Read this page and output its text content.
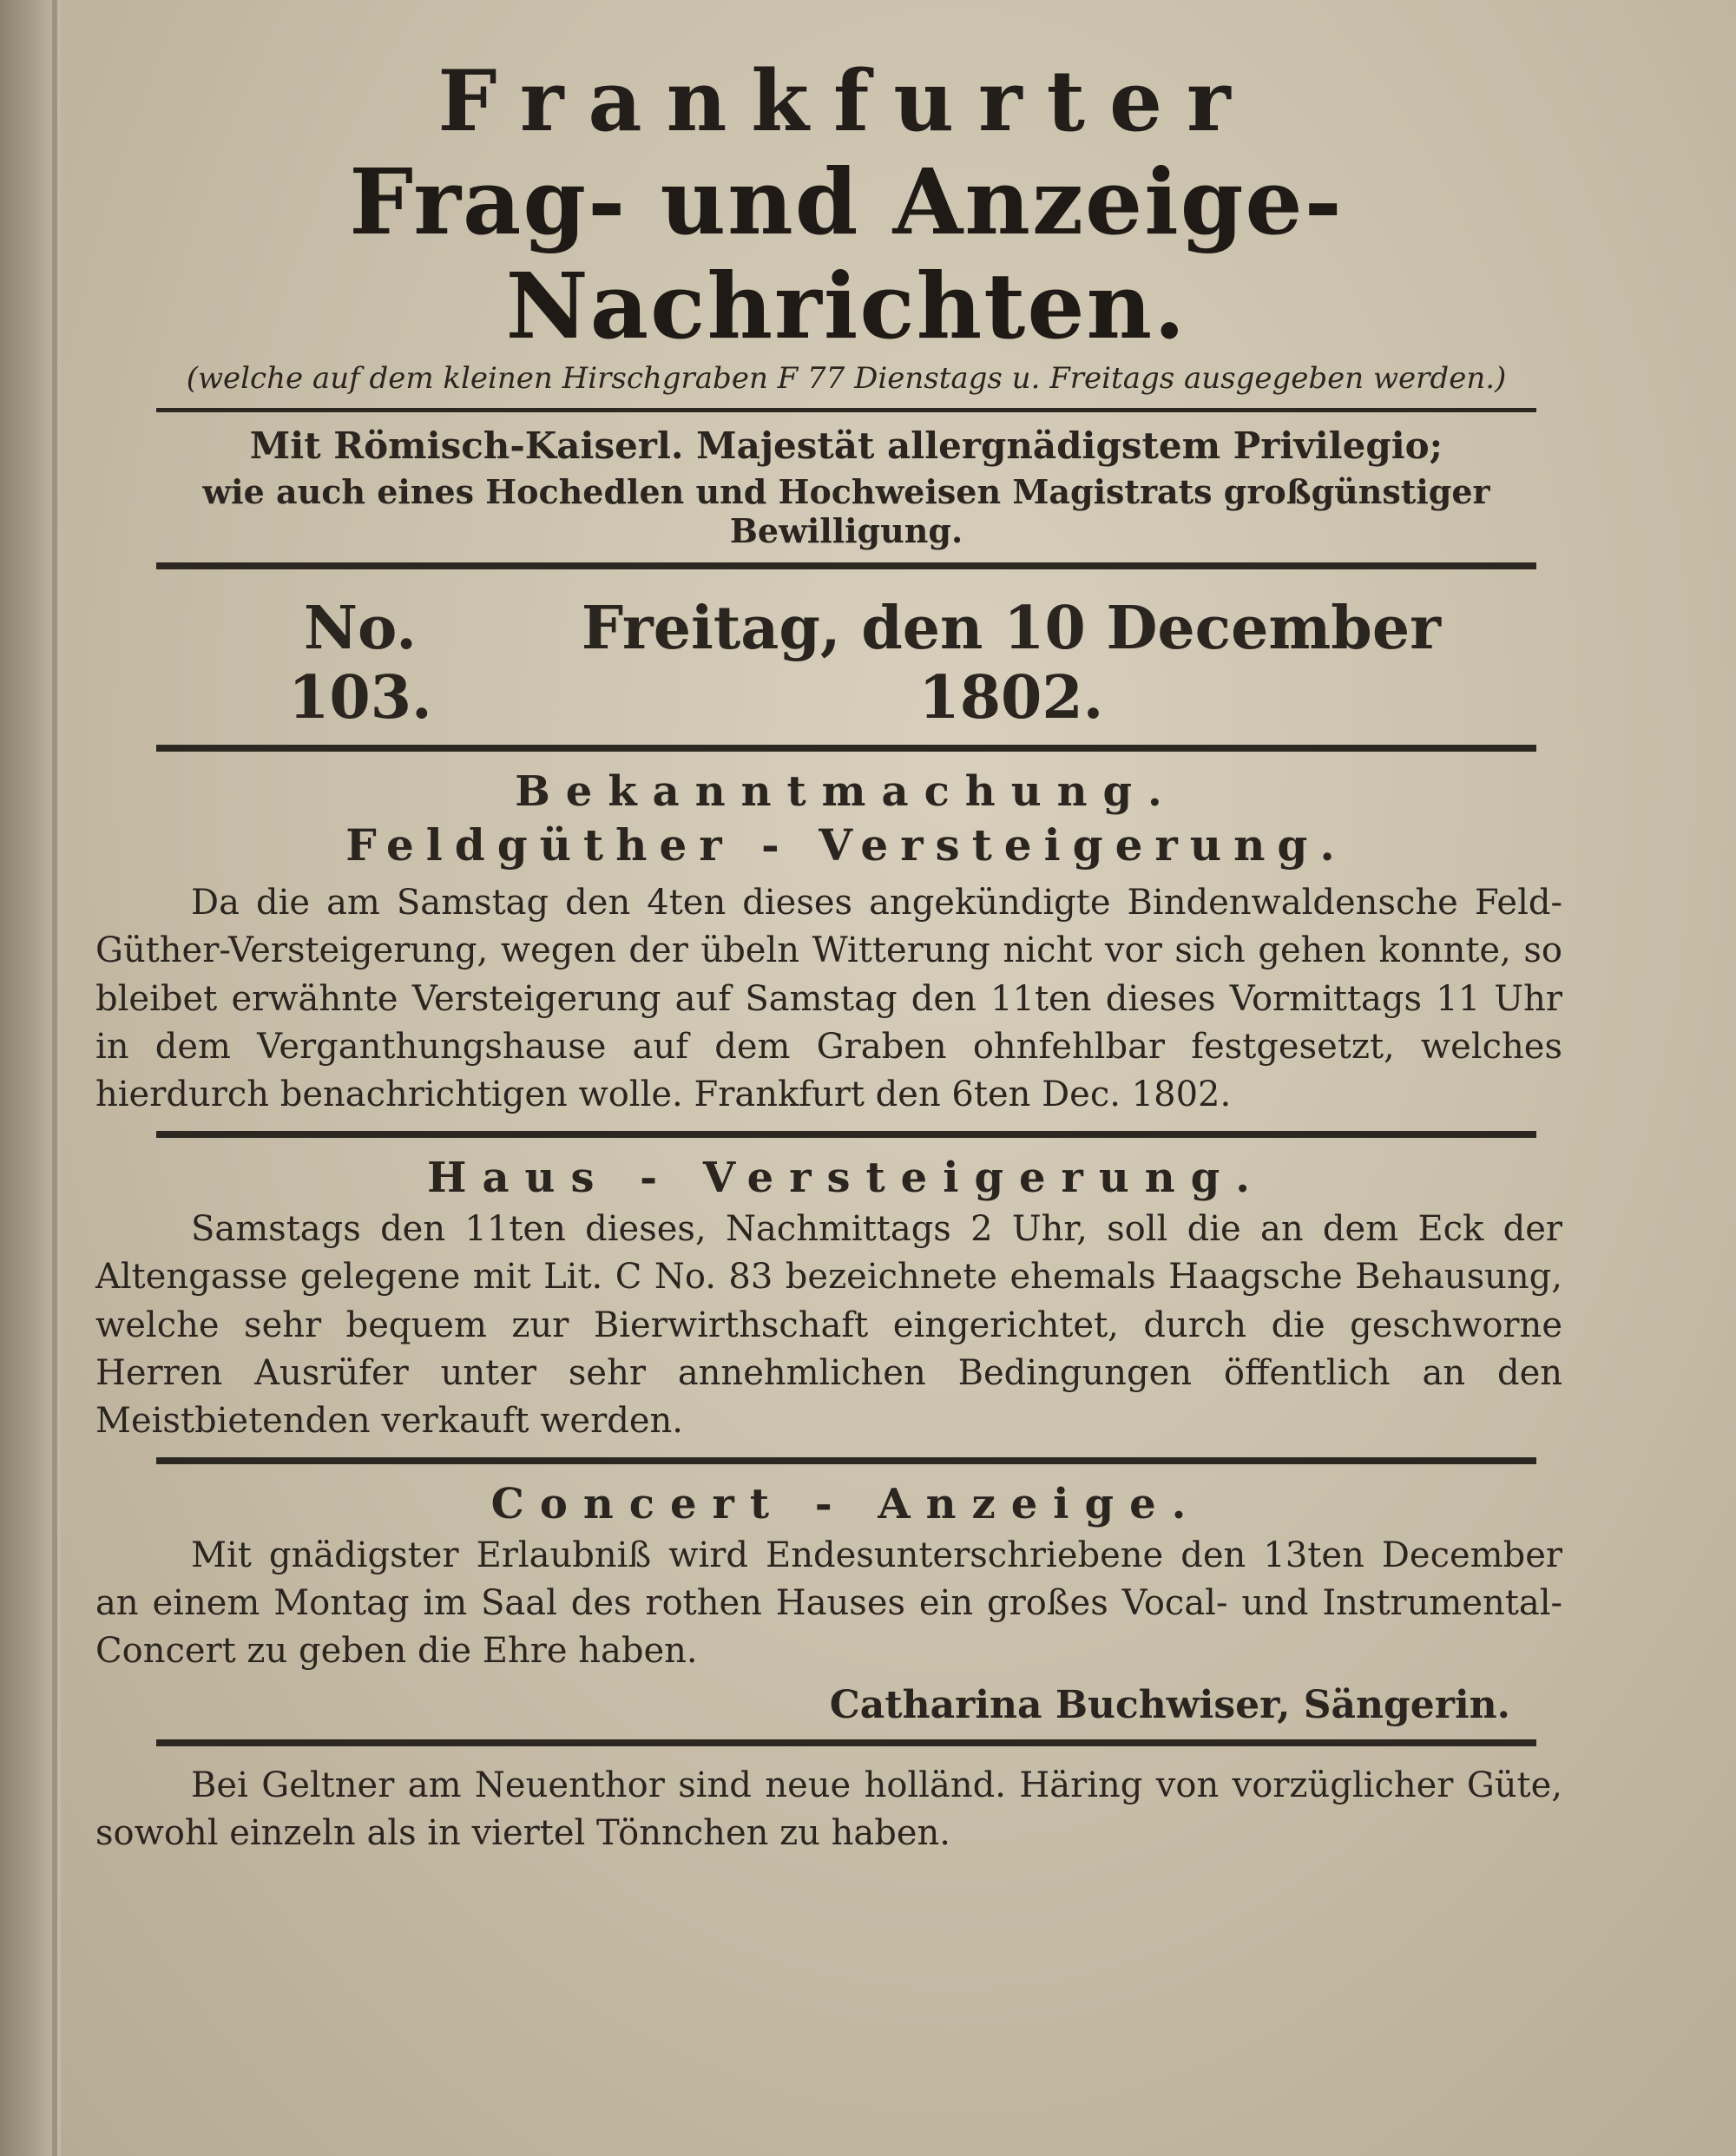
Frankfurter
Frag- und Anzeige-Nachrichten.
(welche auf dem kleinen Hirschgraben F 77 Dienstags u. Freitags ausgegeben werden.)
Mit Römisch-Kaiserl. Majestät allergnädigstem Privilegio;
wie auch eines Hochedlen und Hochweisen Magistrats großgünstiger Bewilligung.
No. 103.
Freitag, den 10 December 1802.
Bekanntmachung.
Feldgüther - Versteigerung.

Da die am Samstag den 4ten dieses angekündigte Bindenwaldensche Feld-Güther-Versteigerung, wegen der übeln Witterung nicht vor sich gehen konnte, so bleibet erwähnte Versteigerung auf Samstag den 11ten dieses Vormittags 11 Uhr in dem Verganthungshause auf dem Graben ohnfehlbar festgesetzt, welches hierdurch benachrichtigen wolle. Frankfurt den 6ten Dec. 1802.

Haus - Versteigerung.

Samstags den 11ten dieses, Nachmittags 2 Uhr, soll die an dem Eck der Altengasse gelegene mit Lit. C No. 83 bezeichnete ehemals Haagsche Behausung, welche sehr bequem zur Bierwirthschaft eingerichtet, durch die geschworne Herren Ausrüfer unter sehr annehmlichen Bedingungen öffentlich an den Meistbietenden verkauft werden.

Concert - Anzeige.

Mit gnädigster Erlaubniß wird Endesunterschriebene den 13ten December an einem Montag im Saal des rothen Hauses ein großes Vocal- und Instrumental-Concert zu geben die Ehre haben.

Catharina Buchwiser, Sängerin.

Bei Geltner am Neuenthor sind neue holländ. Häring von vorzüglicher Güte, sowohl einzeln als in viertel Tönnchen zu haben.
